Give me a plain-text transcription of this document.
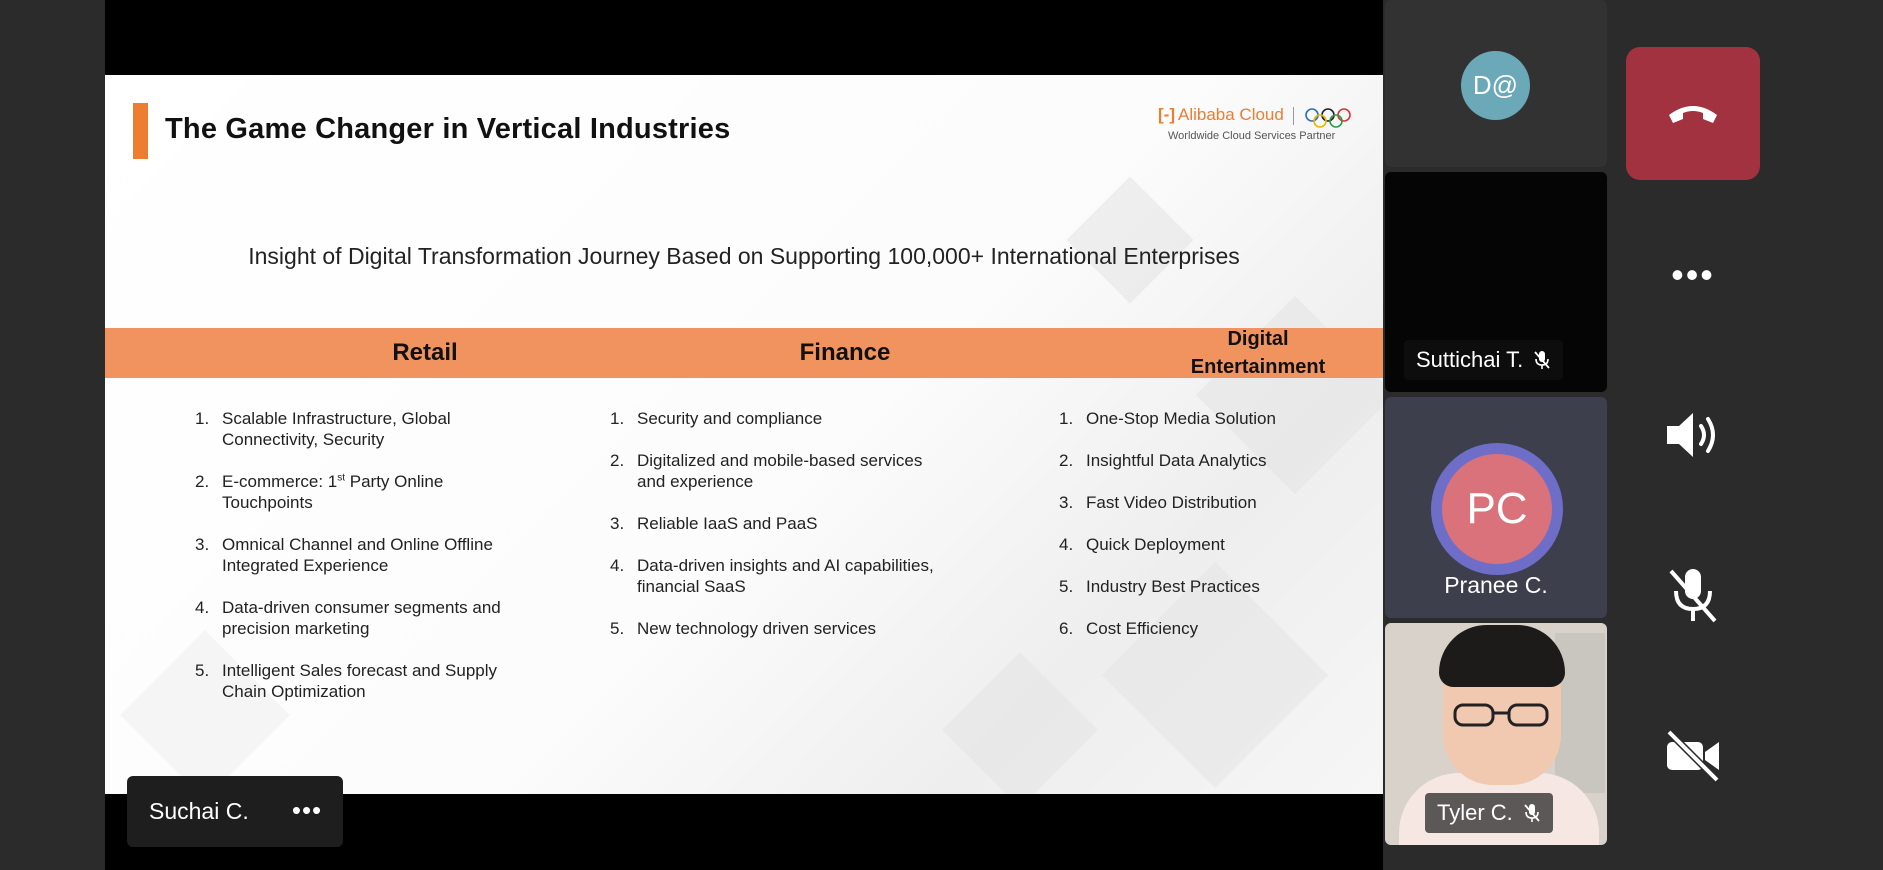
The Game Changer in Vertical Industries	[-] Alibaba Cloud
Worldwide Cloud Services Partner
Insight of Digital Transformation Journey Based on Supporting 100,000+ International Enterprises
Retail	Finance	Digital
Entertainment
1. Scalable Infrastructure, Global Connectivity, Security
2. E-commerce: 1st Party Online Touchpoints
3. Omnical Channel and Online Offline Integrated Experience
4. Data-driven consumer segments and precision marketing
5. Intelligent Sales forecast and Supply Chain Optimization
1. Security and compliance
2. Digitalized and mobile-based services and experience
3. Reliable IaaS and PaaS
4. Data-driven insights and AI capabilities, financial SaaS
5. New technology driven services
1. One-Stop Media Solution
2. Insightful Data Analytics
3. Fast Video Distribution
4. Quick Deployment
5. Industry Best Practices
6. Cost Efficiency
Suchai C. •••
D@
Suttichai T.
PC
Pranee C.
Tyler C.
•••
